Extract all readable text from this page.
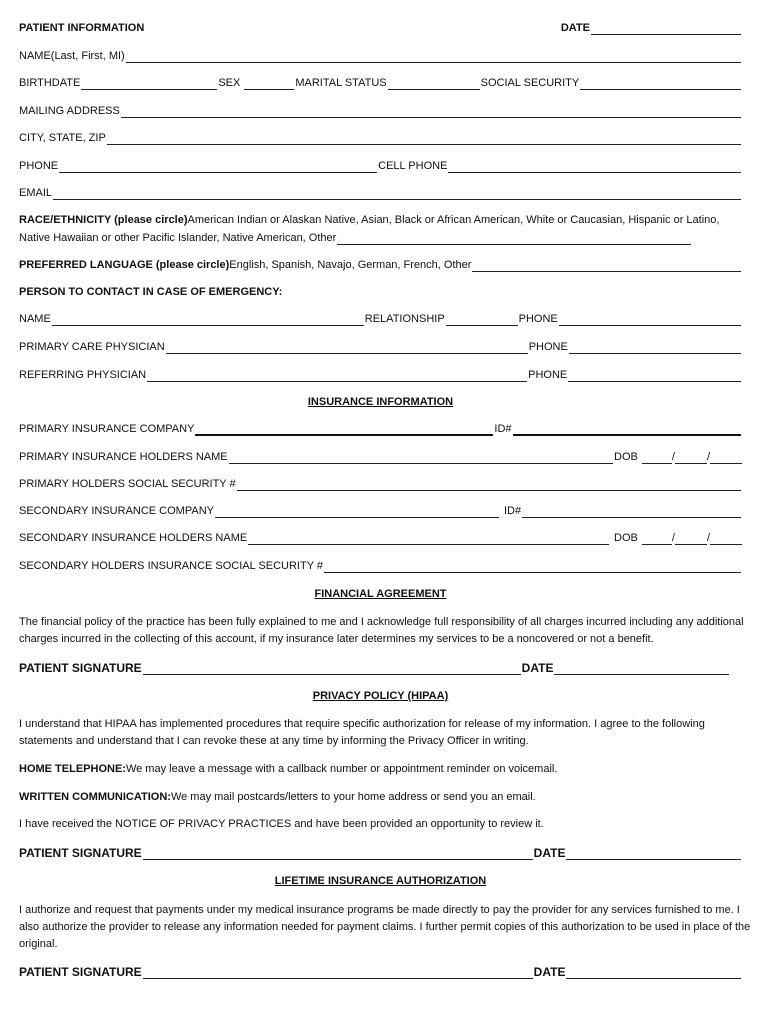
PATIENT INFORMATION	DATE
NAME(Last, First, MI)
BIRTHDATE	SEX	MARITAL STATUS	SOCIAL SECURITY
MAILING ADDRESS
CITY, STATE, ZIP
PHONE	CELL PHONE
EMAIL
RACE/ETHNICITY (please circle) American Indian or Alaskan Native, Asian, Black or African American, White or Caucasian, Hispanic or Latino,
Native Hawaiian or other Pacific Islander, Native American, Other
PREFERRED LANGUAGE (please circle) English, Spanish, Navajo, German, French, Other
PERSON TO CONTACT IN CASE OF EMERGENCY:
NAME	RELATIONSHIP	PHONE
PRIMARY CARE PHYSICIAN	PHONE
REFERRING PHYSICIAN	PHONE
INSURANCE INFORMATION
PRIMARY INSURANCE COMPANY	ID#
PRIMARY INSURANCE HOLDERS NAME	DOB	/	/
PRIMARY HOLDERS SOCIAL SECURITY #
SECONDARY INSURANCE COMPANY	ID#
SECONDARY INSURANCE HOLDERS NAME	DOB	/	/
SECONDARY HOLDERS INSURANCE SOCIAL SECURITY #
FINANCIAL AGREEMENT
The financial policy of the practice has been fully explained to me and I acknowledge full responsibility of all charges incurred including any additional charges incurred in the collecting of this account, if my insurance later determines my services to be a noncovered or not a benefit.
PATIENT SIGNATURE	DATE
PRIVACY POLICY (HIPAA)
I understand that HIPAA has implemented procedures that require specific authorization for release of my information. I agree to the following statements and understand that I can revoke these at any time by informing the Privacy Officer in writing.
HOME TELEPHONE: We may leave a message with a callback number or appointment reminder on voicemail.
WRITTEN COMMUNICATION: We may mail postcards/letters to your home address or send you an email.
I have received the NOTICE OF PRIVACY PRACTICES and have been provided an opportunity to review it.
PATIENT SIGNATURE	DATE
LIFETIME INSURANCE AUTHORIZATION
I authorize and request that payments under my medical insurance programs be made directly to pay the provider for any services furnished to me. I also authorize the provider to release any information needed for payment claims. I further permit copies of this authorization to be used in place of the original.
PATIENT SIGNATURE	DATE
